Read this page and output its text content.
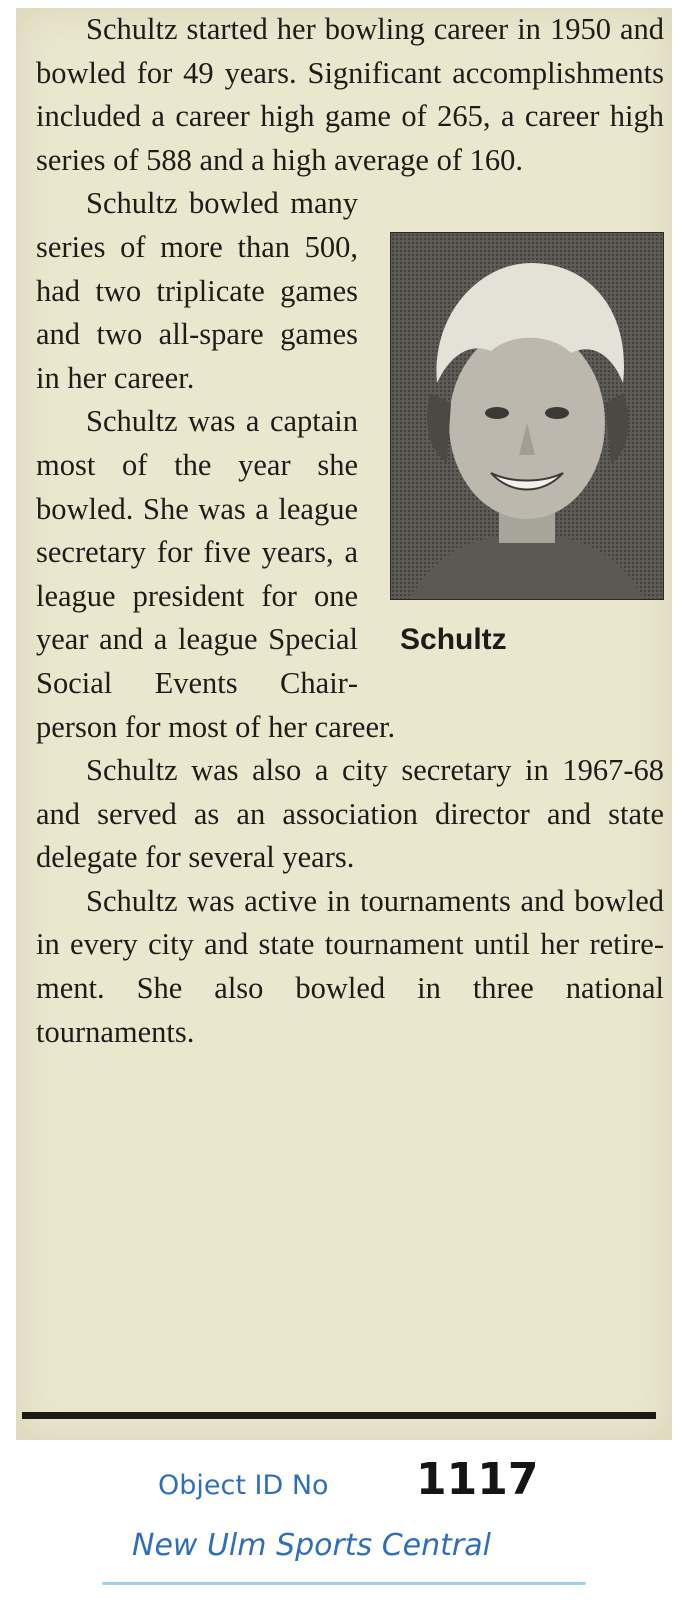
Schultz started her bowling career in 1950 and bowled for 49 years. Significant accomplishments included a career high game of 265, a career high series of 588 and a high average of 160.

Schultz

Schultz bowled many series of more than 500, had two triplicate games and two all-spare games in her career.

Schultz was a captain most of the year she bowled. She was a league secretary for five years, a league president for one year and a league Special Social Events Chairperson for most of her career.

Schultz was also a city secretary in 1967-68 and served as an association director and state delegate for several years.

Schultz was active in tournaments and bowled in every city and state tournament until her retirement. She also bowled in three national tournaments.

Object ID No 1117
New Ulm Sports Central
